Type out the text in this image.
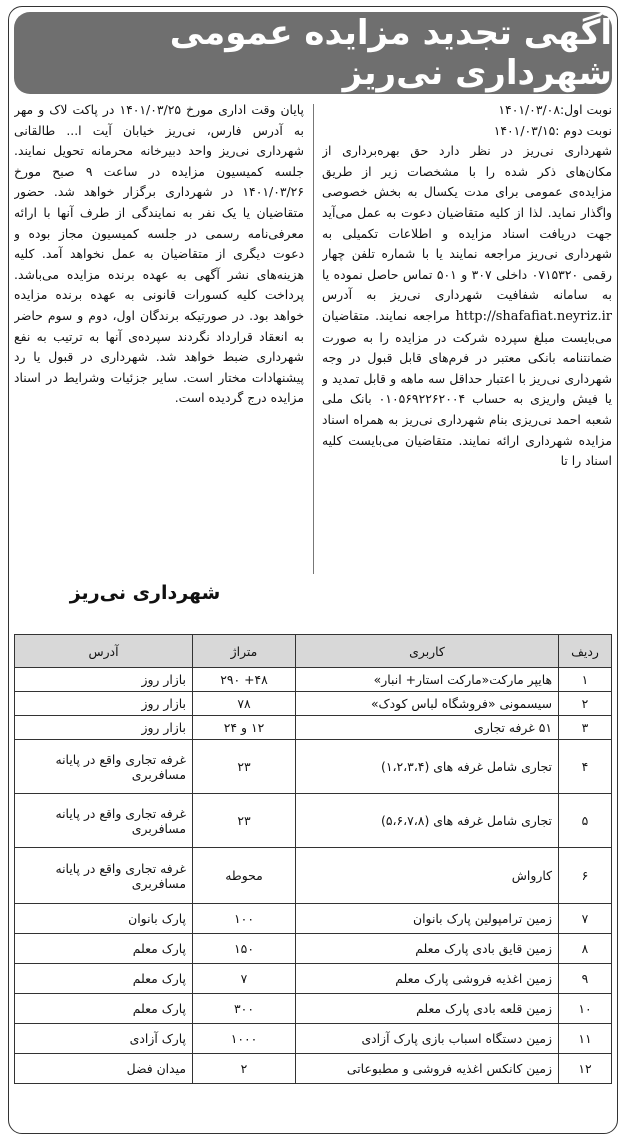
آگهی تجدید مزایده عمومی شهرداری نی‌ریز
نوبت اول:۱۴۰۱/۰۳/۰۸
نوبت دوم :۱۴۰۱/۰۳/۱۵

شهرداری نی‌ریز در نظر دارد حق بهره‌برداری از مکان‌های ذکر شده را با مشخصات زیر از طریق مزایده‌ی عمومی برای مدت یکسال به بخش خصوصی واگذار نماید. لذا از کلیه متقاضیان دعوت به عمل می‌آید جهت دریافت اسناد مزایده و اطلاعات تکمیلی به شهرداری نی‌ریز مراجعه نمایند یا با شماره تلفن چهار رقمی ۰۷۱۵۳۲۰ داخلی ۳۰۷ و ۵۰۱ تماس حاصل نموده یا به سامانه شفافیت شهرداری نی‌ریز به آدرس http://shafafiat.neyriz.ir مراجعه نمایند. متقاضیان می‌بایست مبلغ سپرده شرکت در مزایده را به صورت ضمانتنامه بانکی معتبر در فرم‌های قابل قبول در وجه شهرداری نی‌ریز با اعتبار حداقل سه ماهه و قابل تمدید و یا فیش واریزی به حساب ۰۱۰۵۶۹۲۲۶۲۰۰۴ بانک ملی شعبه احمد نی‌ریزی بنام شهرداری نی‌ریز به همراه اسناد مزایده شهرداری ارائه نمایند. متقاضیان می‌بایست کلیه اسناد را تا

پایان وقت اداری مورخ ۱۴۰۱/۰۳/۲۵ در پاکت لاک و مهر به آدرس فارس، نی‌ریز خیابان آیت ا... طالقانی شهرداری نی‌ریز واحد دبیرخانه محرمانه تحویل نمایند. جلسه کمیسیون مزایده در ساعت ۹ صبح مورخ ۱۴۰۱/۰۳/۲۶ در شهرداری برگزار خواهد شد. حضور متقاضیان یا یک نفر به نمایندگی از طرف آنها با ارائه معرفی‌نامه رسمی در جلسه کمیسیون مجاز بوده و دعوت دیگری از متقاضیان به عمل نخواهد آمد. کلیه هزینه‌های نشر آگهی به عهده برنده مزایده می‌باشد. پرداخت کلیه کسورات قانونی به عهده برنده مزایده خواهد بود. در صورتیکه برندگان اول، دوم و سوم حاضر به انعقاد قرارداد نگردند سپرده‌ی آنها به ترتیب به نفع شهرداری ضبط خواهد شد. شهرداری در قبول یا رد پیشنهادات مختار است. سایر جزئیات وشرایط در اسناد مزایده درج گردیده است.

شهرداری نی‌ریز
ردیف	کاربری	متراژ	آدرس
۱	هایپر مارکت«مارکت استار+ انبار»	۴۸+ ۲۹۰	بازار روز
۲	سیسمونی «فروشگاه لباس کودک»	۷۸	بازار روز
۳	۵۱ غرفه تجاری	۱۲ و ۲۴	بازار روز
۴	تجاری شامل غرفه های (۱،۲،۳،۴)	۲۳	غرفه تجاری واقع در پایانه مسافربری
۵	تجاری شامل غرفه های (۵،۶،۷،۸)	۲۳	غرفه تجاری واقع در پایانه مسافربری
۶	کارواش	محوطه	غرفه تجاری واقع در پایانه مسافربری
۷	زمین ترامپولین پارک بانوان	۱۰۰	پارک بانوان
۸	زمین قایق بادی پارک معلم	۱۵۰	پارک معلم
۹	زمین اغذیه فروشی پارک معلم	۷	پارک معلم
۱۰	زمین قلعه بادی پارک معلم	۳۰۰	پارک معلم
۱۱	زمین دستگاه اسباب بازی پارک آزادی	۱۰۰۰	پارک آزادی
۱۲	زمین کانکس اغذیه فروشی و مطبوعاتی	۲	میدان فضل
